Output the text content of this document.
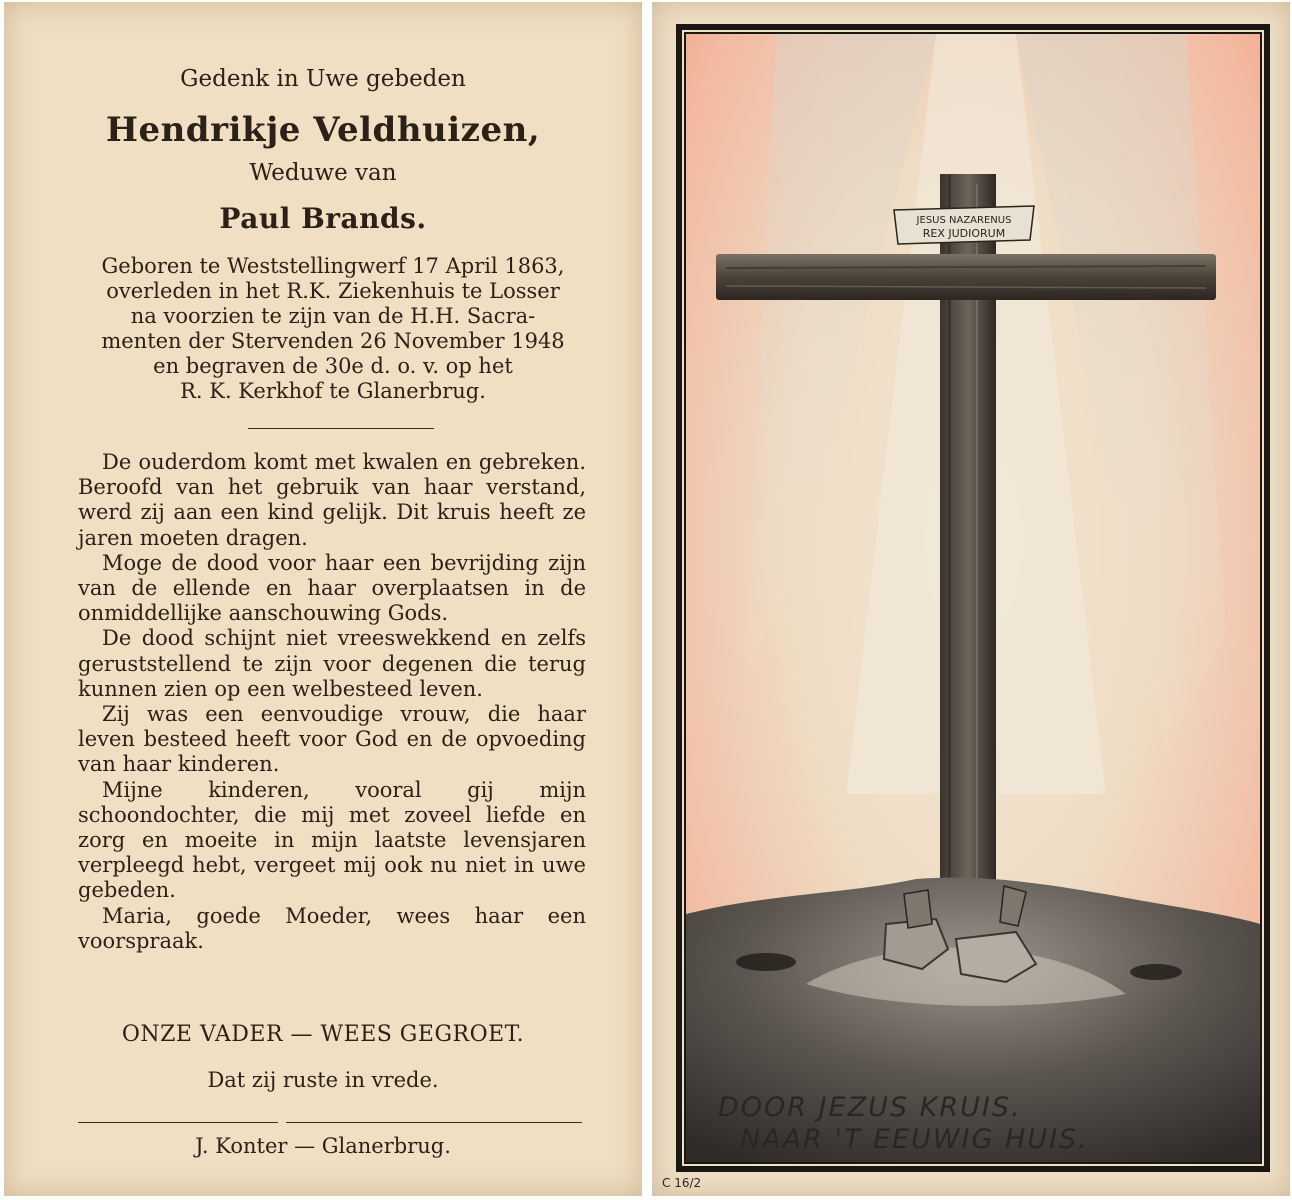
Gedenk in Uwe gebeden
Hendrikje Veldhuizen,
Weduwe van
Paul Brands.
Geboren te Weststellingwerf 17 April 1863,
overleden in het R.K. Ziekenhuis te Losser
na voorzien te zijn van de H.H. Sacra-
menten der Stervenden 26 November 1948
en begraven de 30e d. o. v. op het
R. K. Kerkhof te Glanerbrug.

De ouderdom komt met kwalen en gebreken. Beroofd van het gebruik van haar verstand, werd zij aan een kind gelijk. Dit kruis heeft ze jaren moeten dragen.

Moge de dood voor haar een bevrijding zijn van de ellende en haar overplaatsen in de onmiddellijke aanschouwing Gods.

De dood schijnt niet vreeswekkend en zelfs geruststellend te zijn voor degenen die terug kunnen zien op een welbesteed leven.

Zij was een eenvoudige vrouw, die haar leven besteed heeft voor God en de opvoeding van haar kinderen.

Mijne kinderen, vooral gij mijn schoondochter, die mij met zoveel liefde en zorg en moeite in mijn laatste levensjaren verpleegd hebt, vergeet mij ook nu niet in uwe gebeden.

Maria, goede Moeder, wees haar een voorspraak.

ONZE VADER — WEES GEGROET.
Dat zij ruste in vrede.
J. Konter — Glanerbrug.
JESUS NAZARENUS
REX JUDIORUM
DOOR JEZUS KRUIS.
NAAR 'T EEUWIG HUIS.
C 16/2
